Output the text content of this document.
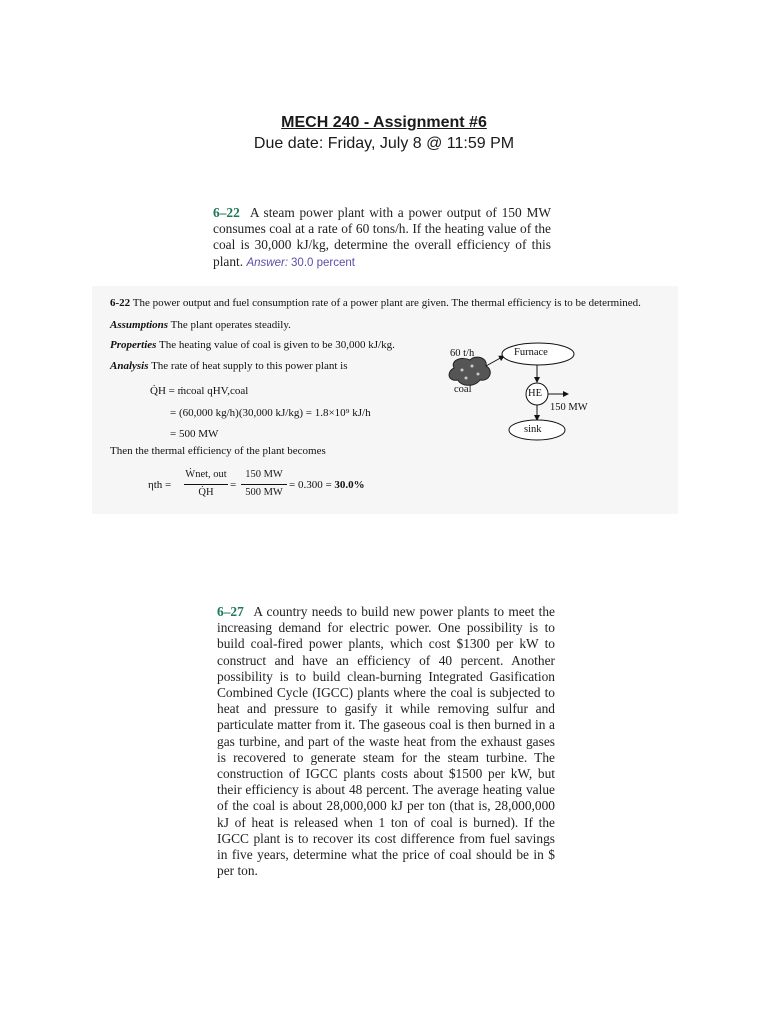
MECH 240 - Assignment #6
Due date: Friday, July 8 @ 11:59 PM
6–22 A steam power plant with a power output of 150 MW consumes coal at a rate of 60 tons/h. If the heating value of the coal is 30,000 kJ/kg, determine the overall efficiency of this plant. Answer: 30.0 percent
6-22 The power output and fuel consumption rate of a power plant are given. The thermal efficiency is to be determined.
Assumptions The plant operates steadily.
Properties The heating value of coal is given to be 30,000 kJ/kg.
Analysis The rate of heat supply to this power plant is
Q̇H = ṁcoal qHV,coal
= (60,000 kg/h)(30,000 kJ/kg) = 1.8×10⁹ kJ/h
= 500 MW
Then the thermal efficiency of the plant becomes
ηth =
Ẇnet, out
Q̇H
=
150 MW
500 MW
= 0.300 = 30.0%
60 t/h	Furnace
coal	HE
150 MW
sink
6–27 A country needs to build new power plants to meet the increasing demand for electric power. One possibility is to build coal-fired power plants, which cost $1300 per kW to construct and have an efficiency of 40 percent. Another possibility is to build clean-burning Integrated Gasification Combined Cycle (IGCC) plants where the coal is subjected to heat and pressure to gasify it while removing sulfur and particulate matter from it. The gaseous coal is then burned in a gas turbine, and part of the waste heat from the exhaust gases is recovered to generate steam for the steam turbine. The construction of IGCC plants costs about $1500 per kW, but their efficiency is about 48 percent. The average heating value of the coal is about 28,000,000 kJ per ton (that is, 28,000,000 kJ of heat is released when 1 ton of coal is burned). If the IGCC plant is to recover its cost difference from fuel savings in five years, determine what the price of coal should be in $ per ton.
